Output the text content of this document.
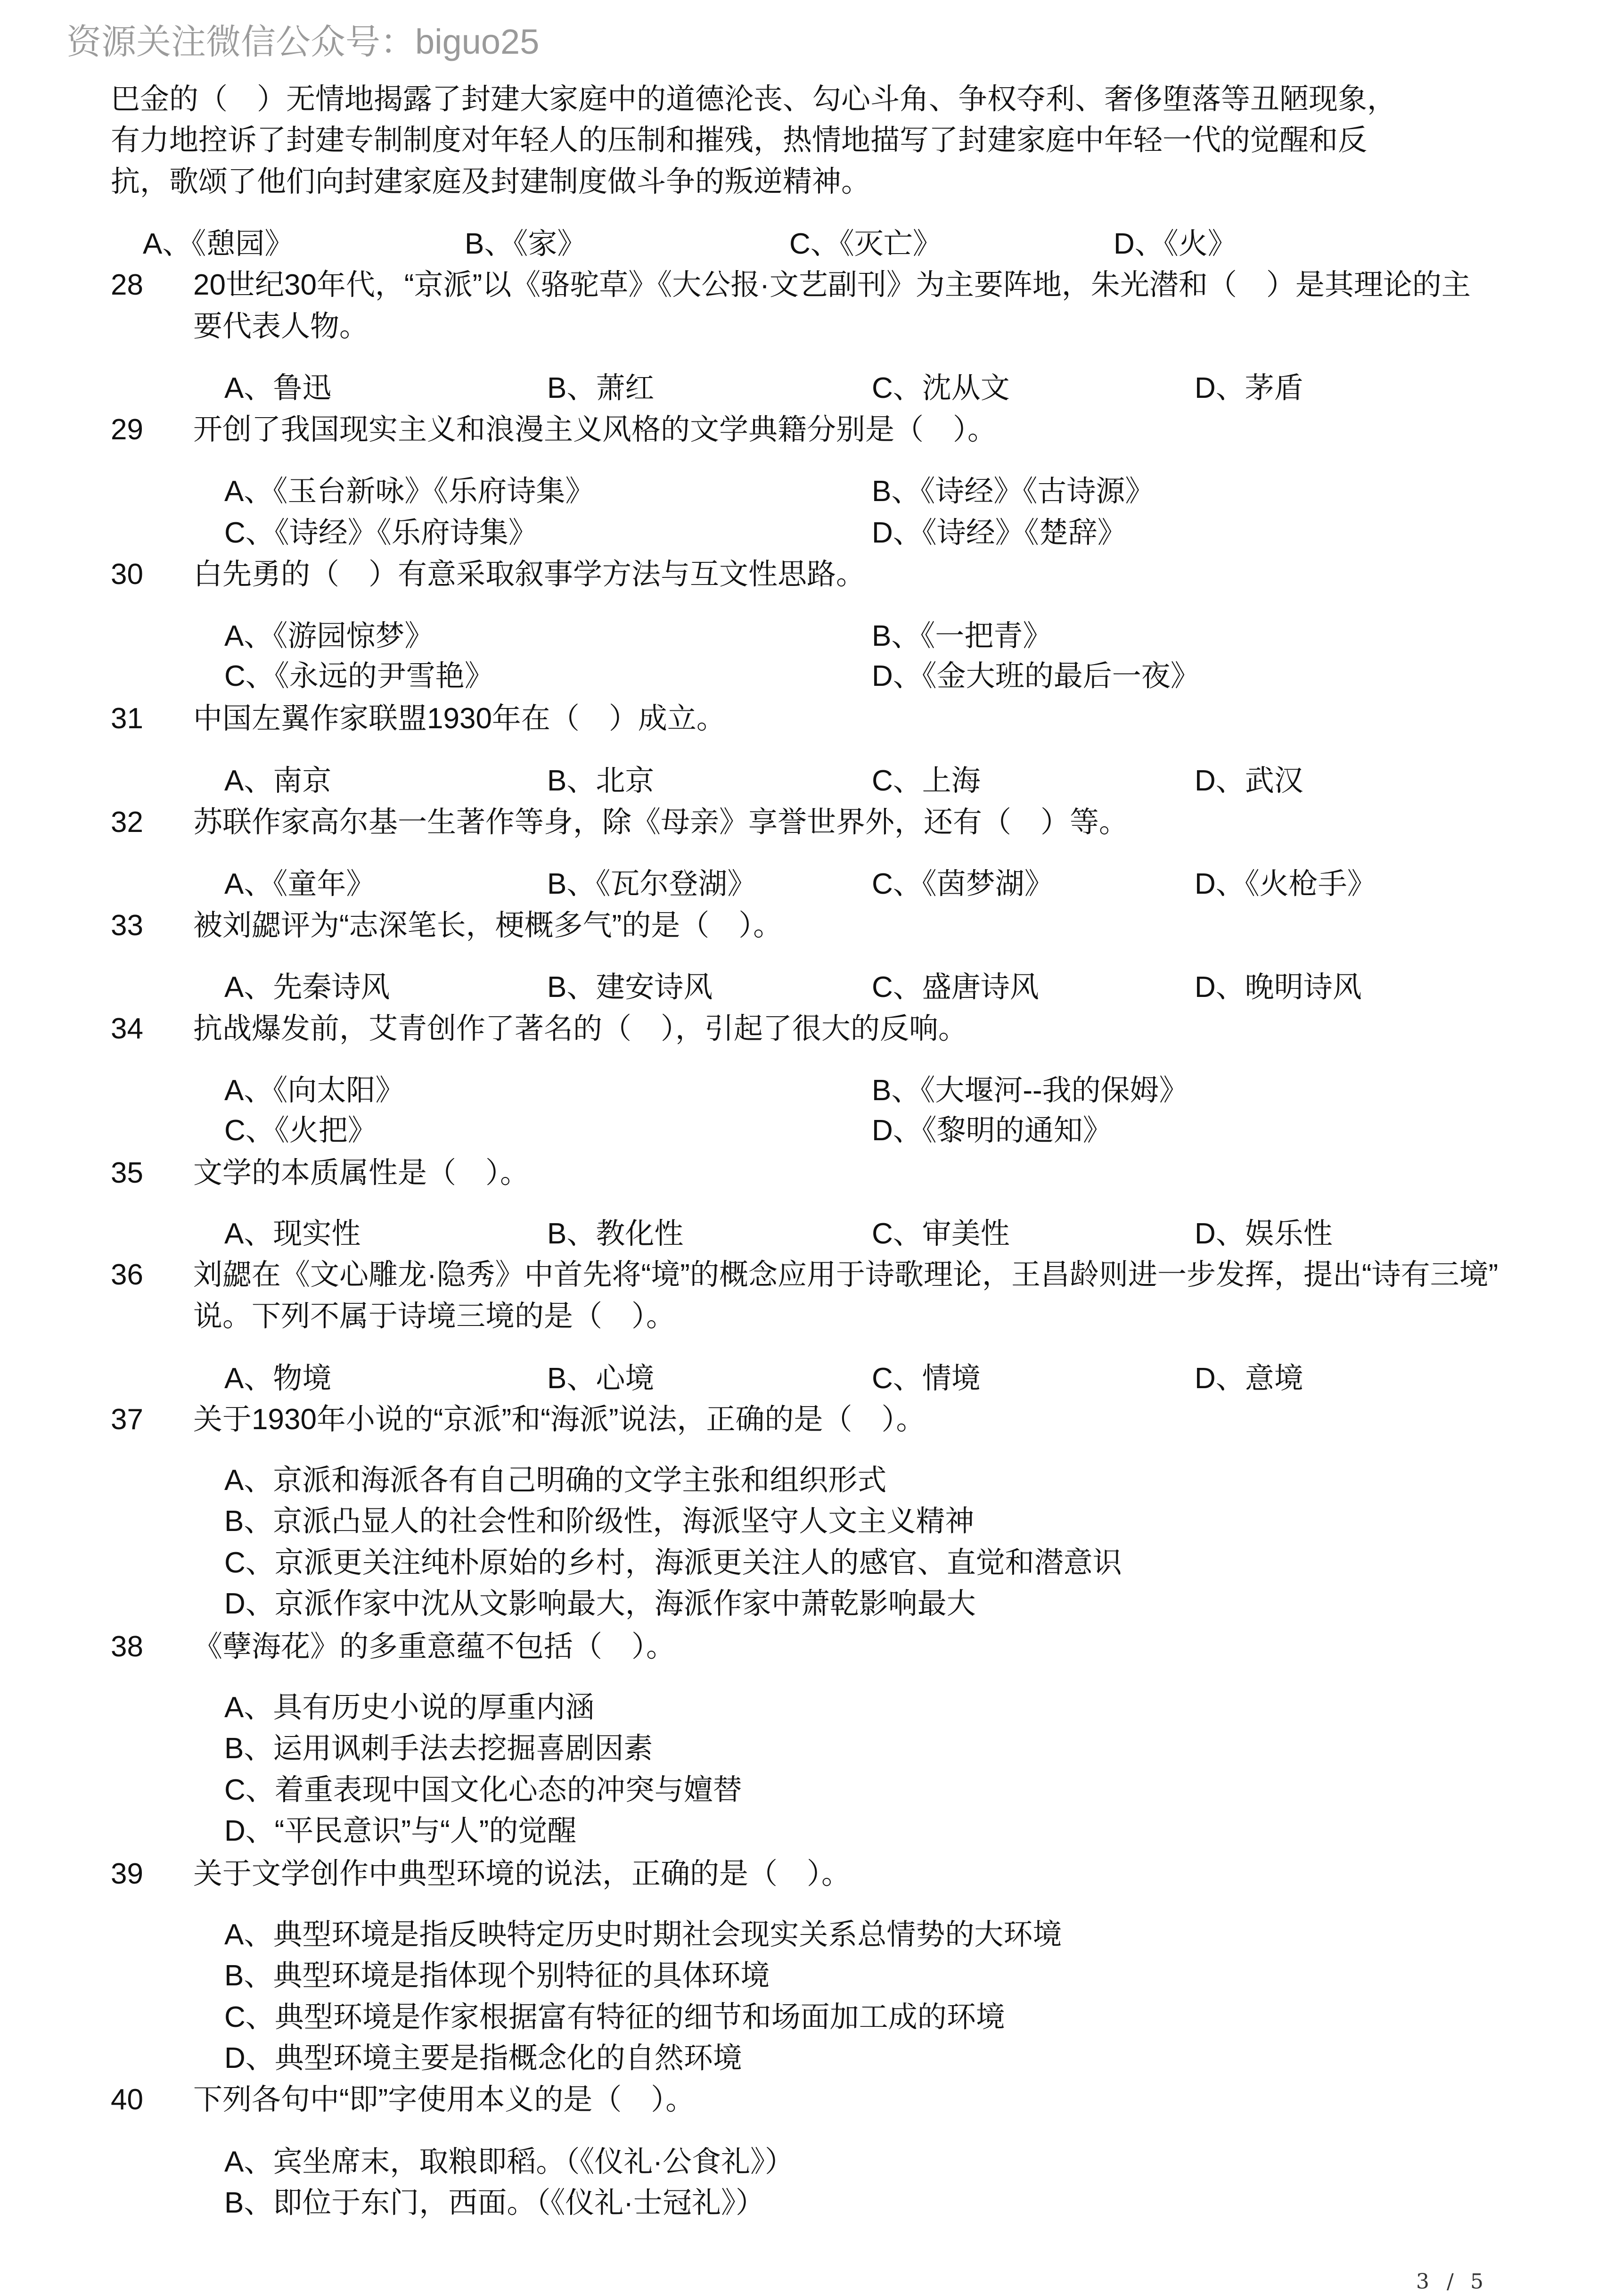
资源关注微信公众号：biguo25
巴金的（　）无情地揭露了封建大家庭中的道德沦丧、勾心斗角、争权夺利、奢侈堕落等丑陋现象，
有力地控诉了封建专制制度对年轻人的压制和摧残，热情地描写了封建家庭中年轻一代的觉醒和反
抗，歌颂了他们向封建家庭及封建制度做斗争的叛逆精神。
A、《憩园》	B、《家》	C、《灭亡》	D、《火》
28 20世纪30年代，“京派”以《骆驼草》《大公报·文艺副刊》为主要阵地，朱光潜和（　）是其理论的主
要代表人物。
A、鲁迅	B、萧红	C、沈从文	D、茅盾
29 开创了我国现实主义和浪漫主义风格的文学典籍分别是（　）。
A、《玉台新咏》《乐府诗集》	B、《诗经》《古诗源》
C、《诗经》《乐府诗集》	D、《诗经》《楚辞》
30 白先勇的（　）有意采取叙事学方法与互文性思路。
A、《游园惊梦》	B、《一把青》
C、《永远的尹雪艳》	D、《金大班的最后一夜》
31 中国左翼作家联盟1930年在（　）成立。
A、南京	B、北京	C、上海	D、武汉
32 苏联作家高尔基一生著作等身，除《母亲》享誉世界外，还有（　）等。
A、《童年》	B、《瓦尔登湖》	C、《茵梦湖》	D、《火枪手》
33 被刘勰评为“志深笔长，梗概多气”的是（　）。
A、先秦诗风	B、建安诗风	C、盛唐诗风	D、晚明诗风
34 抗战爆发前，艾青创作了著名的（　），引起了很大的反响。
A、《向太阳》	B、《大堰河--我的保姆》
C、《火把》	D、《黎明的通知》
35 文学的本质属性是（　）。
A、现实性	B、教化性	C、审美性	D、娱乐性
36 刘勰在《文心雕龙·隐秀》中首先将“境”的概念应用于诗歌理论，王昌龄则进一步发挥，提出“诗有三境”
说。下列不属于诗境三境的是（　）。
A、物境	B、心境	C、情境	D、意境
37 关于1930年小说的“京派”和“海派”说法，正确的是（　）。
A、京派和海派各有自己明确的文学主张和组织形式
B、京派凸显人的社会性和阶级性，海派坚守人文主义精神
C、京派更关注纯朴原始的乡村，海派更关注人的感官、直觉和潜意识
D、京派作家中沈从文影响最大，海派作家中萧乾影响最大
38 《孽海花》的多重意蕴不包括（　）。
A、具有历史小说的厚重内涵
B、运用讽刺手法去挖掘喜剧因素
C、着重表现中国文化心态的冲突与嬗替
D、“平民意识”与“人”的觉醒
39 关于文学创作中典型环境的说法，正确的是（　）。
A、典型环境是指反映特定历史时期社会现实关系总情势的大环境
B、典型环境是指体现个别特征的具体环境
C、典型环境是作家根据富有特征的细节和场面加工成的环境
D、典型环境主要是指概念化的自然环境
40 下列各句中“即”字使用本义的是（　）。
A、宾坐席末，取粮即稻。（《仪礼·公食礼》）
B、即位于东门，西面。（《仪礼·士冠礼》）
3 / 5
